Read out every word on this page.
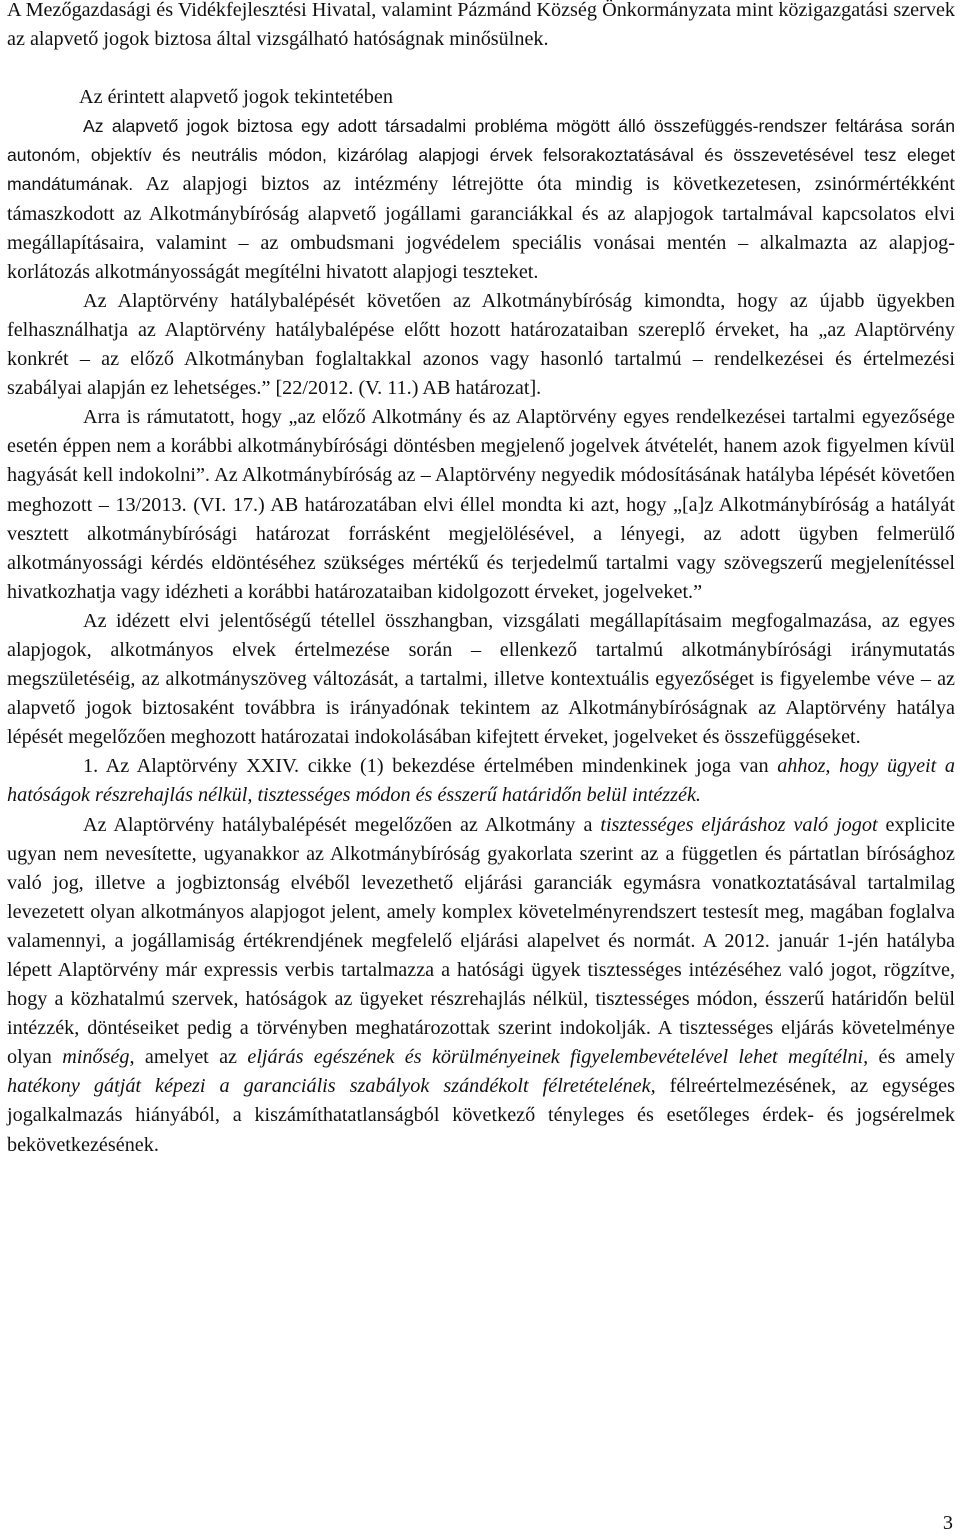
A Mezőgazdasági és Vidékfejlesztési Hivatal, valamint Pázmánd Község Önkormányzata mint közigazgatási szervek az alapvető jogok biztosa által vizsgálható hatóságnak minősülnek.

Az érintett alapvető jogok tekintetében

Az alapvető jogok biztosa egy adott társadalmi probléma mögött álló összefüggés-rendszer feltárása során autonóm, objektív és neutrális módon, kizárólag alapjogi érvek felsorakoztatásával és összevetésével tesz eleget mandátumának. Az alapjogi biztos az intézmény létrejötte óta mindig is következetesen, zsinórmértékként támaszkodott az Alkotmánybíróság alapvető jogállami garanciákkal és az alapjogok tartalmával kapcsolatos elvi megállapításaira, valamint – az ombudsmani jogvédelem speciális vonásai mentén – alkalmazta az alapjog-korlátozás alkotmányosságát megítélni hivatott alapjogi teszteket.

Az Alaptörvény hatálybalépését követően az Alkotmánybíróság kimondta, hogy az újabb ügyekben felhasználhatja az Alaptörvény hatálybalépése előtt hozott határozataiban szereplő érveket, ha „az Alaptörvény konkrét – az előző Alkotmányban foglaltakkal azonos vagy hasonló tartalmú – rendelkezései és értelmezési szabályai alapján ez lehetséges.” [22/2012. (V. 11.) AB határozat].

Arra is rámutatott, hogy „az előző Alkotmány és az Alaptörvény egyes rendelkezései tartalmi egyezősége esetén éppen nem a korábbi alkotmánybírósági döntésben megjelenő jogelvek átvételét, hanem azok figyelmen kívül hagyását kell indokolni”. Az Alkotmánybíróság az – Alaptörvény negyedik módosításának hatályba lépését követően meghozott – 13/2013. (VI. 17.) AB határozatában elvi éllel mondta ki azt, hogy „[a]z Alkotmánybíróság a hatályát vesztett alkotmánybírósági határozat forrásként megjelölésével, a lényegi, az adott ügyben felmerülő alkotmányossági kérdés eldöntéséhez szükséges mértékű és terjedelmű tartalmi vagy szövegszerű megjelenítéssel hivatkozhatja vagy idézheti a korábbi határozataiban kidolgozott érveket, jogelveket.”

Az idézett elvi jelentőségű tétellel összhangban, vizsgálati megállapításaim megfogalmazása, az egyes alapjogok, alkotmányos elvek értelmezése során – ellenkező tartalmú alkotmánybírósági iránymutatás megszületéséig, az alkotmányszöveg változását, a tartalmi, illetve kontextuális egyezőséget is figyelembe véve – az alapvető jogok biztosaként továbbra is irányadónak tekintem az Alkotmánybíróságnak az Alaptörvény hatálya lépését megelőzően meghozott határozatai indokolásában kifejtett érveket, jogelveket és összefüggéseket.

1. Az Alaptörvény XXIV. cikke (1) bekezdése értelmében mindenkinek joga van ahhoz, hogy ügyeit a hatóságok részrehajlás nélkül, tisztességes módon és ésszerű határidőn belül intézzék.

Az Alaptörvény hatálybalépését megelőzően az Alkotmány a tisztességes eljáráshoz való jogot explicite ugyan nem nevesítette, ugyanakkor az Alkotmánybíróság gyakorlata szerint az a független és pártatlan bírósághoz való jog, illetve a jogbiztonság elvéből levezethető eljárási garanciák egymásra vonatkoztatásával tartalmilag levezetett olyan alkotmányos alapjogot jelent, amely komplex követelményrendszert testesít meg, magában foglalva valamennyi, a jogállamiság értékrendjének megfelelő eljárási alapelvet és normát. A 2012. január 1-jén hatályba lépett Alaptörvény már expressis verbis tartalmazza a hatósági ügyek tisztességes intézéséhez való jogot, rögzítve, hogy a közhatalmú szervek, hatóságok az ügyeket részrehajlás nélkül, tisztességes módon, ésszerű határidőn belül intézzék, döntéseiket pedig a törvényben meghatározottak szerint indokolják. A tisztességes eljárás követelménye olyan minőség, amelyet az eljárás egészének és körülményeinek figyelembevételével lehet megítélni, és amely hatékony gátját képezi a garanciális szabályok szándékolt félretételének, félreértelmezésének, az egységes jogalkalmazás hiányából, a kiszámíthatatlanságból következő tényleges és esetőleges érdek- és jogsérelmek bekövetkezésének.

3
